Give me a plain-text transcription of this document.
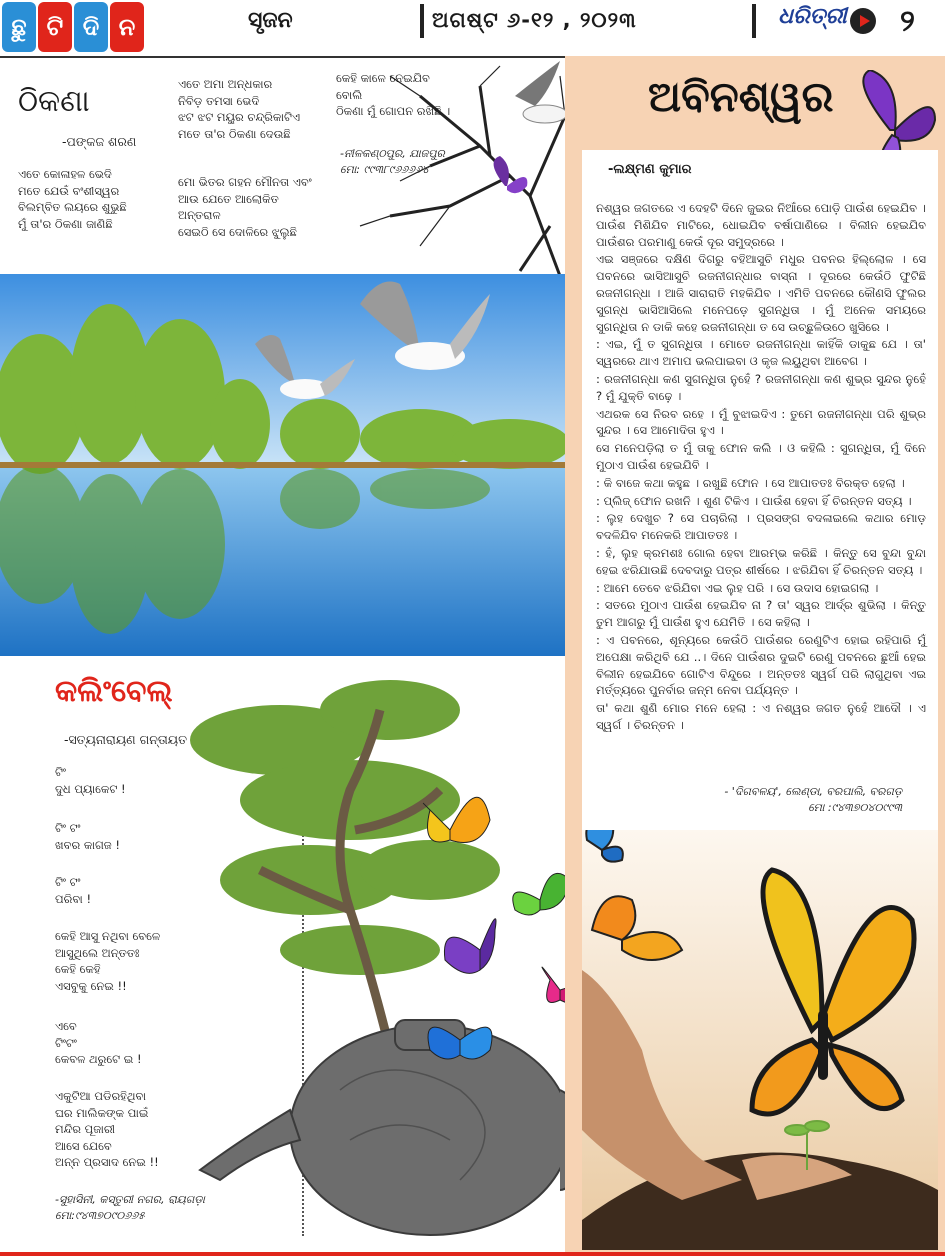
ଛୁ ଟି ଦି ନ	ସୃଜନ	ଅଗଷ୍ଟ ୬-୧୨ , ୨୦୨୩	ଧରିତ୍ରୀ ୨
ଠିକଣା
-ପଙ୍କଜ ଶରଣ
ଏତେ କୋଳାହଳ ଭେଦି
ମତେ ଯେଉଁ ବଂଶୀସ୍ୱର
ବିଲମ୍ବିତ ଲୟରେ ଶୁଭୁଛି
ମୁଁ ତା'ର ଠିକଣା ଜାଣିଛି
ଏତେ ଅମା ଅନ୍ଧକାର
ନିବିଡ଼ ତମସା ଭେଦି
ଝଟ ଝଟ ମୟୁର ଚନ୍ଦ୍ରିକାଟିଏ
ମତେ ତା'ର ଠିକଣା ଦେଉଛି
ମୋ ଭିତର ଗହନ ମୌନତା ଏବଂ
ଆଉ ଯେତେ ଆଲୋକିତ
ଅନ୍ତରାଳ
ସେଇଠି ସେ ଦୋଳିରେ ଝୁଲୁଛି
କେହି କାଳେ ନେଇଯିବ
ବୋଲି
ଠିକଣା ମୁଁ ଗୋପନ ରଖିଛି ।
-ନୀଳକଣ୍ଠପୁର, ଯାଜପୁର
ମୋ: ୯୯୩୮୯୬୬୬୬୪
କଲିଂବେଲ୍‌
-ସତ୍ୟନାରାୟଣ ଗନ୍ତାୟତ
ଟିଂ
ଦୁଧ ପ୍ୟାକେଟ !
ଟିଂ ଟଂ
ଖବର କାଗଜ !
ଟିଂ ଟଂ
ପରିବା !
କେହି ଆସୁ ନଥିବା ବେଳେ
ଆସୁଥିଲେ ଅନ୍ତତଃ
କେହି କେହି
ଏସବୁକୁ ନେଇ !!
ଏବେ
ଟିଂଟଂ
କେବଳ ଥରୁଟେ ଇ !
ଏକୁଟିଆ ପଡିରହିଥିବା
ଘର ମାଲିକଙ୍କ ପାଇଁ
ମନ୍ଦିର ପୂଜାରୀ
ଆସେ ଯେବେ
ଅନ୍ନ ପ୍ରସାଦ ନେଇ !!
-ସୁହାସିନୀ, କସ୍ତୁରୀ ନଗର, ରାୟଗଡ଼ା
ମୋ:୯୪୩୭୦୯୦୬୬୫
ଅବିନଶ୍ୱର
-ଲକ୍ଷ୍ମଣ କୁମାର

ନଶ୍ୱର ଜଗତରେ ଏ ଦେହଟି ଦିନେ ଜୁଇର ନିଆଁରେ ପୋଡ଼ି ପାଉଁଶ ହେଇଯିବ । ପାଉଁଶ ମିଶିଯିବ ମାଟିରେ, ଧୋଇଯିବ ବର୍ଷାପାଣିରେ । ବିଲୀନ ହେଇଯିବ ପାଉଁଶର ପରମାଣୁ କେଉଁ ଦୂର ସମୁଦ୍ରରେ ।

ଏଇ ସଞ୍ଜରେ ଦକ୍ଷିଣ ଦିଗରୁ ବହିଆସୁଚି ମଧୁର ପବନର ହିଲ୍ଲୋଳ । ସେ ପବନରେ ଭାସିଆସୁଚି ରଜନୀଗନ୍ଧାର ବାସ୍ନା । ଦୂରରେ କେଉଁଠି ଫୁଟିଛି ରଜନୀଗନ୍ଧା । ଆଜି ସାରାରାତି ମହକିଯିବ । ଏମିତି ପବନରେ କୌଣସି ଫୁଲର ସୁଗନ୍ଧ ଭାସିଆସିଲେ ମନେପଡ଼େ ସୁଗନ୍ଧିତା । ମୁଁ ଅନେକ ସମୟରେ ସୁଗନ୍ଧିତା ନ ଡାକି କହେ ରଜନୀଗନ୍ଧା ତ ସେ ଉଚ୍ଛୁଳିଉଠେ ଖୁସିରେ ।

: ଏଇ, ମୁଁ ତ ସୁଗନ୍ଧିତା । ମୋତେ ରଜନୀଗନ୍ଧା କାହିଁକି ଡାକୁଛ ଯେ । ତା' ସ୍ୱରରେ ଥାଏ ଅମାପ ଭଲପାଇବା ଓ କୃଜ ଲୟୁଥିବା ଆବେଗ ।

: ରଜନୀଗନ୍ଧା କଣ ସୁଗନ୍ଧିତା ନୁହେଁ ? ରଜନୀଗନ୍ଧା କଣ ଶୁଭ୍ର ସୁନ୍ଦର ନୁହେଁ ? ମୁଁ ଯୁକ୍ତି ବାଢ଼େ ।

ଏଥରକ ସେ ନିରବ ରହେ । ମୁଁ ବୁଝାଇଦିଏ : ତୁମେ ରଜନୀଗନ୍ଧା ପରି ଶୁଭ୍ର ସୁନ୍ଦର । ସେ ଆମୋଦିତା ହୁଏ ।

ସେ ମନେପଡ଼ିଲା ତ ମୁଁ ତାକୁ ଫୋନ କଲି । ଓ କହିଲି : ସୁଗନ୍ଧିତା, ମୁଁ ଦିନେ ମୁଠାଏ ପାଉଁଶ ହେଇଯିବି ।

: କି ବାଜେ କଥା କହୁଛ । ରଖୁଛି ଫୋନ । ସେ ଆପାତତଃ ବିରକ୍ତ ହେଲା ।

: ପ୍ଲିଜ୍ ଫୋନ ରଖନି । ଶୁଣ ଟିକିଏ । ପାଉଁଶ ହେବା ହିଁ ଚିରନ୍ତନ ସତ୍ୟ ।

: ଲୁହ ଦେଖୁଚ ? ସେ ପଚାରିଲା । ପ୍ରସଙ୍ଗ ବଦଳାଇଲେ କଥାର ମୋଡ଼ ବଦଳିଯିବ ମନେକରି ଆପାତତଃ ।

: ହଁ, ଲୁହ କ୍ରମଶଃ ଗୋଲ ହେବା ଆରମ୍ଭ କରିଛି । କିନ୍ତୁ ସେ ବୁନ୍ଦା ବୁନ୍ଦା ହେଇ ଝରିଯାଉଛି ଦେବଦାରୁ ପତ୍ର ଶୀର୍ଷରେ । ଝରିଯିବା ହିଁ ଚିରନ୍ତନ ସତ୍ୟ ।

: ଆମେ ତେବେ ଝରିଯିବା ଏଇ ଲୁହ ପରି । ସେ ଉଦାସ ହୋଇଗଲା ।

: ସତରେ ମୁଠାଏ ପାଉଁଶ ହେଇଯିବ ନା ? ତା' ସ୍ୱର ଆର୍ଦ୍ର ଶୁଭିଲା । କିନ୍ତୁ ତୁମ ଆଗରୁ ମୁଁ ପାଉଁଶ ହୁଏ ଯେମିତି । ସେ କହିଲା ।

: ଏ ପବନରେ, ଶୂନ୍ୟରେ କେଉଁଠି ପାଉଁଶର ରେଣୁଟିଏ ହୋଇ ରହିପାରି ମୁଁ ଅପେକ୍ଷା କରିଥିବି ଯେ ..। ଦିନେ ପାଉଁଶର ଦୁଇଟି ରେଣୁ ପବନରେ ଛୁଆଁ ହେଇ ବିଲୀନ ହେଇଯିବେ ଗୋଟିଏ ବିନ୍ଦୁରେ । ଅନ୍ତତଃ ସ୍ୱର୍ଗ ପରି ଲାଗୁଥିବା ଏଇ ମର୍ତ୍ତ୍ୟରେ ପୁନର୍ବାର ଜନ୍ମ ନେବା ପର୍ଯ୍ୟନ୍ତ ।

ତା' କଥା ଶୁଣି ମୋର ମନେ ହେଲା : ଏ ନଶ୍ୱର ଜଗତ ନୁହେଁ ଆଦୌ । ଏ ସ୍ୱର୍ଗ । ଚିରନ୍ତନ ।

- 'ଦିଗବଳୟ', ଲେଣ୍ଡା, ବରପାଲି, ବରଗଡ଼
ମୋ :୯୪୩୭୦୪୦୯୯୩
